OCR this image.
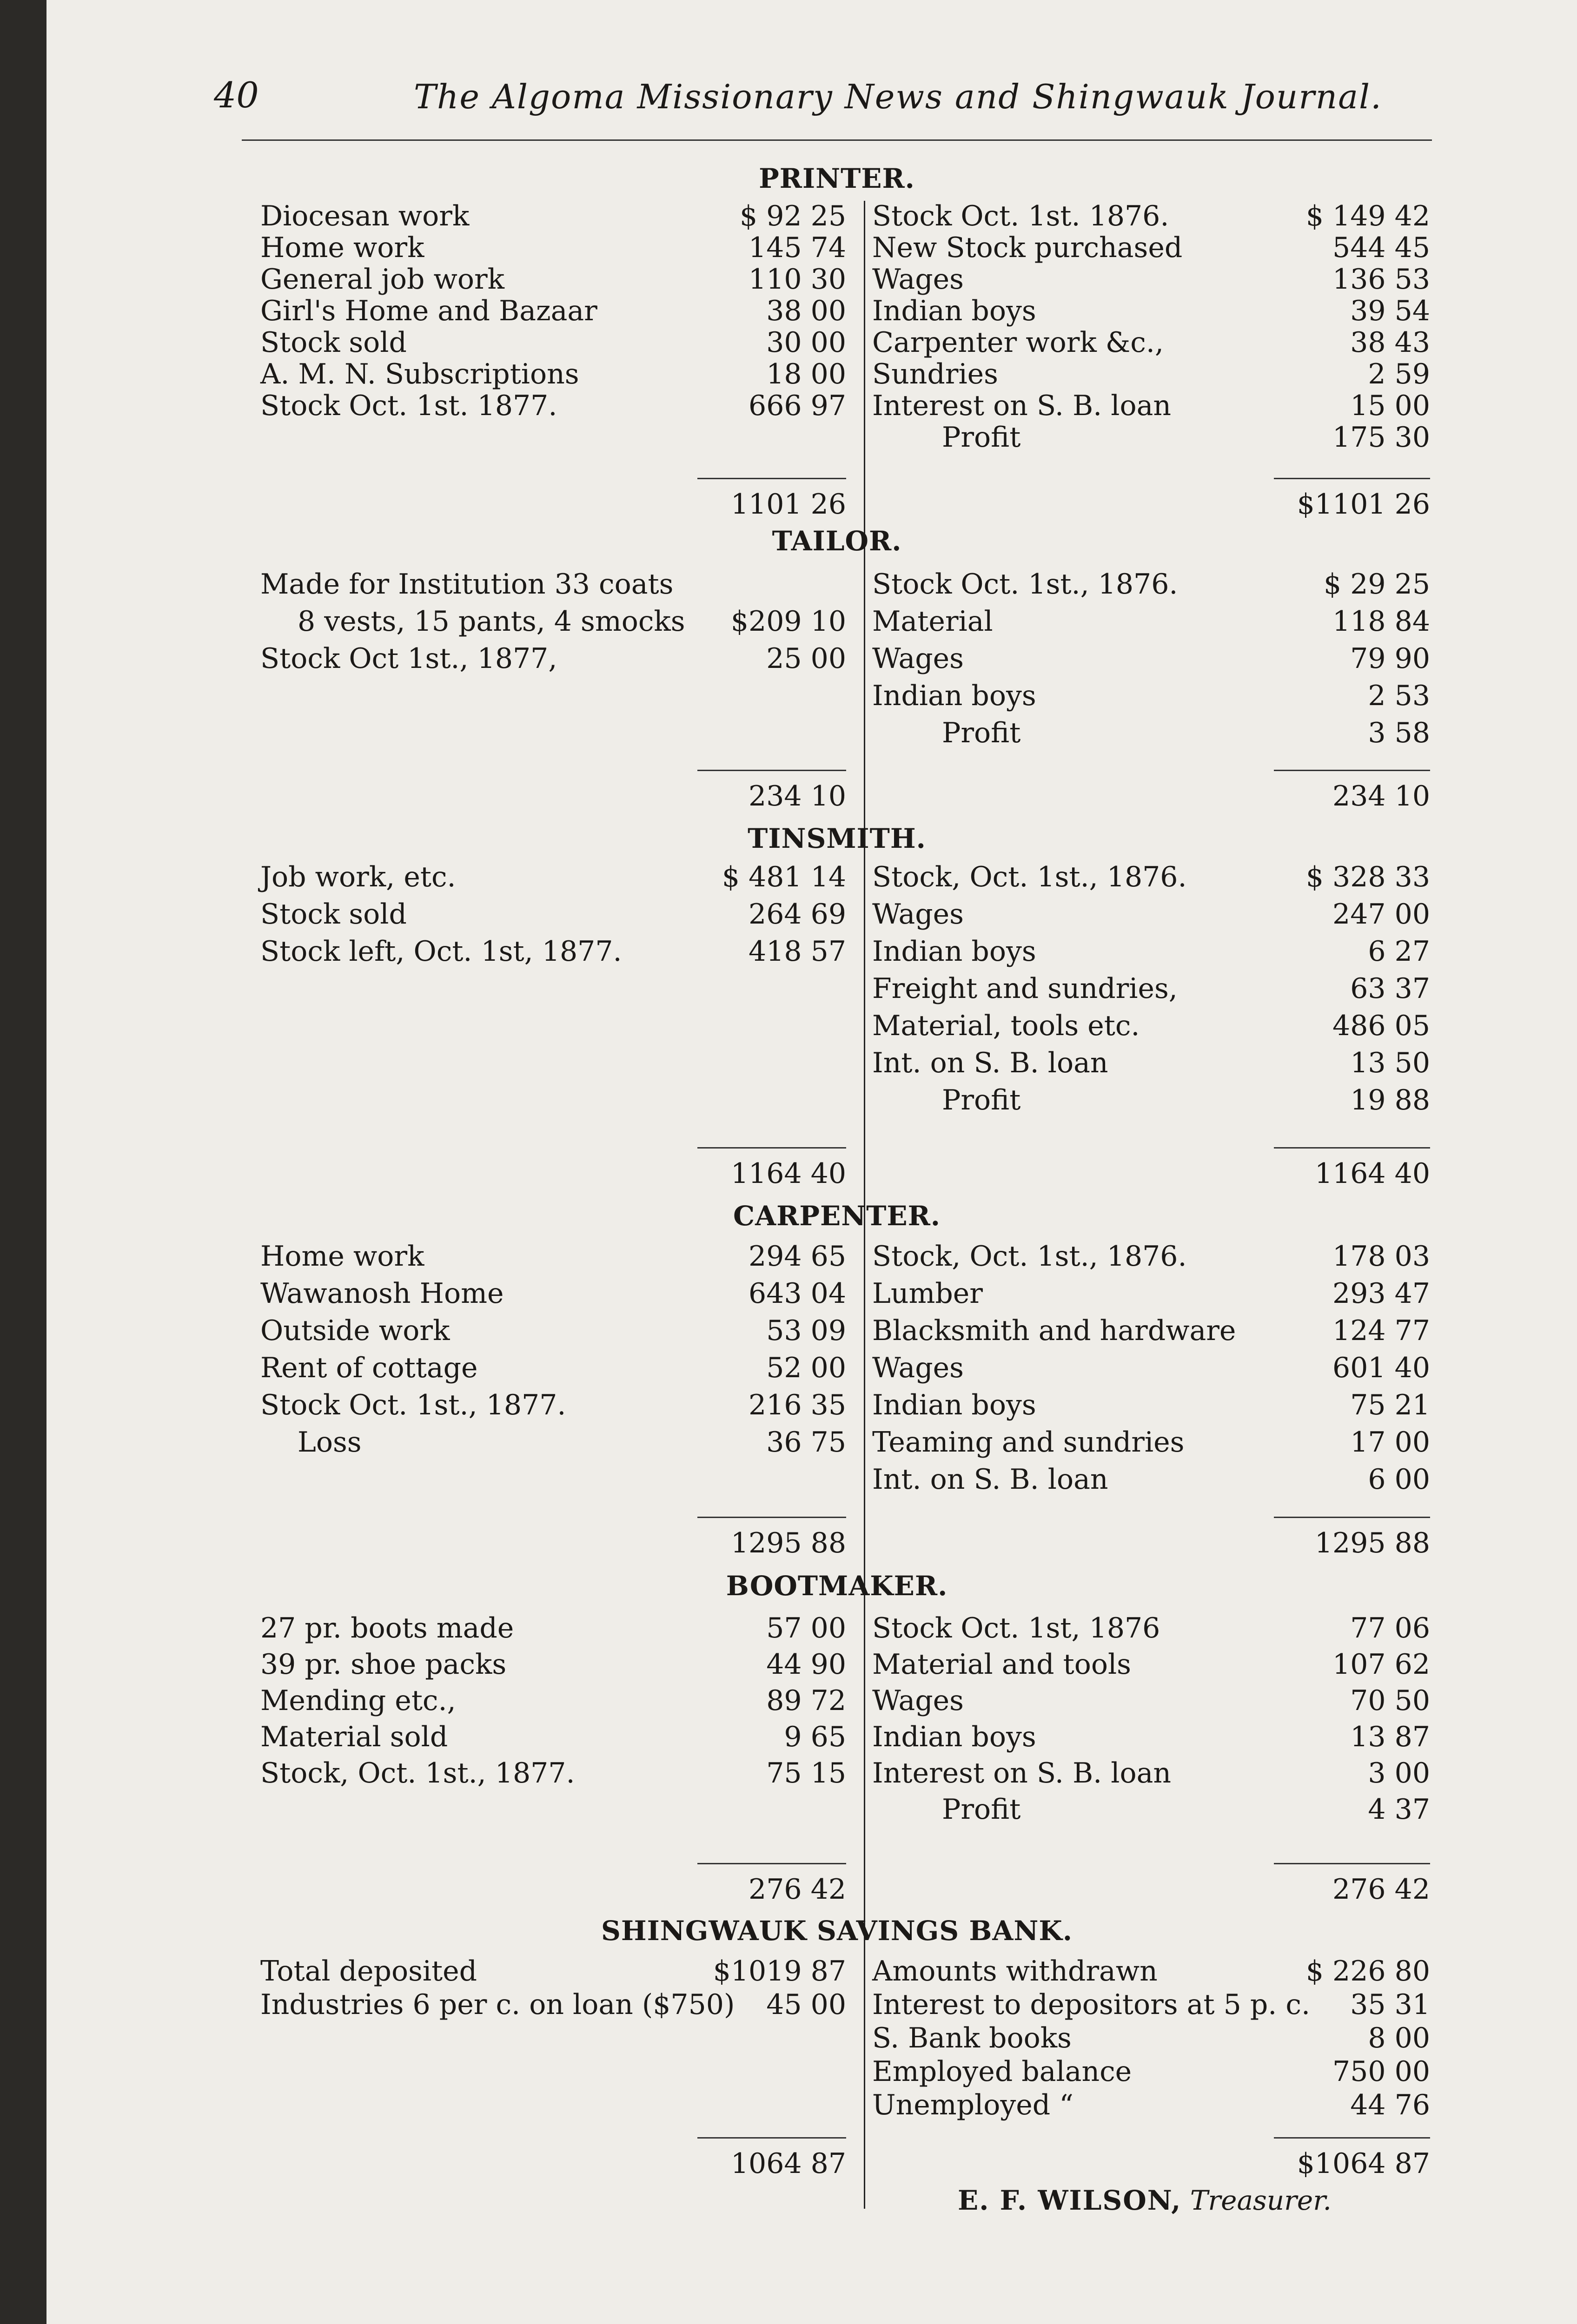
40	The Algoma Missionary News and Shingwauk Journal.
PRINTER.
Diocesan work	$ 92 25
Home work	145 74
General job work	110 30
Girl's Home and Bazaar	38 00
Stock sold	30 00
A. M. N. Subscriptions	18 00
Stock Oct. 1st. 1877.	666 97
Stock Oct. 1st. 1876.	$ 149 42
New Stock purchased	544 45
Wages	136 53
Indian boys	39 54
Carpenter work &c.,	38 43
Sundries	2 59
Interest on S. B. loan	15 00
Profit	175 30
1101 26	$1101 26
TAILOR.
Made for Institution 33 coats
8 vests, 15 pants, 4 smocks $209 10
Stock Oct 1st., 1877,	25 00
Stock Oct. 1st., 1876.	$ 29 25
Material	118 84
Wages	79 90
Indian boys	2 53
Profit	3 58
234 10	234 10
TINSMITH.
Job work, etc.	$ 481 14
Stock sold	264 69
Stock left, Oct. 1st, 1877.	418 57
Stock, Oct. 1st., 1876.	$ 328 33
Wages	247 00
Indian boys	6 27
Freight and sundries,	63 37
Material, tools etc.	486 05
Int. on S. B. loan	13 50
Profit	19 88
1164 40	1164 40
CARPENTER.
Home work	294 65
Wawanosh Home	643 04
Outside work	53 09
Rent of cottage	52 00
Stock Oct. 1st., 1877.	216 35
Loss	36 75
Stock, Oct. 1st., 1876.	178 03
Lumber	293 47
Blacksmith and hardware	124 77
Wages	601 40
Indian boys	75 21
Teaming and sundries	17 00
Int. on S. B. loan	6 00
1295 88	1295 88
BOOTMAKER.
27 pr. boots made	57 00
39 pr. shoe packs	44 90
Mending etc.,	89 72
Material sold	9 65
Stock, Oct. 1st., 1877.	75 15
Stock Oct. 1st, 1876	77 06
Material and tools	107 62
Wages	70 50
Indian boys	13 87
Interest on S. B. loan	3 00
Profit	4 37
276 42	276 42
SHINGWAUK SAVINGS BANK.
Total deposited	$1019 87
Industries 6 per c. on loan ($750) 45 00
Amounts withdrawn	$ 226 80
Interest to depositors at 5 p. c. 35 31
S. Bank books	8 00
Employed balance	750 00
Unemployed “	44 76
1064 87	$1064 87
E. F. WILSON, Treasurer.
